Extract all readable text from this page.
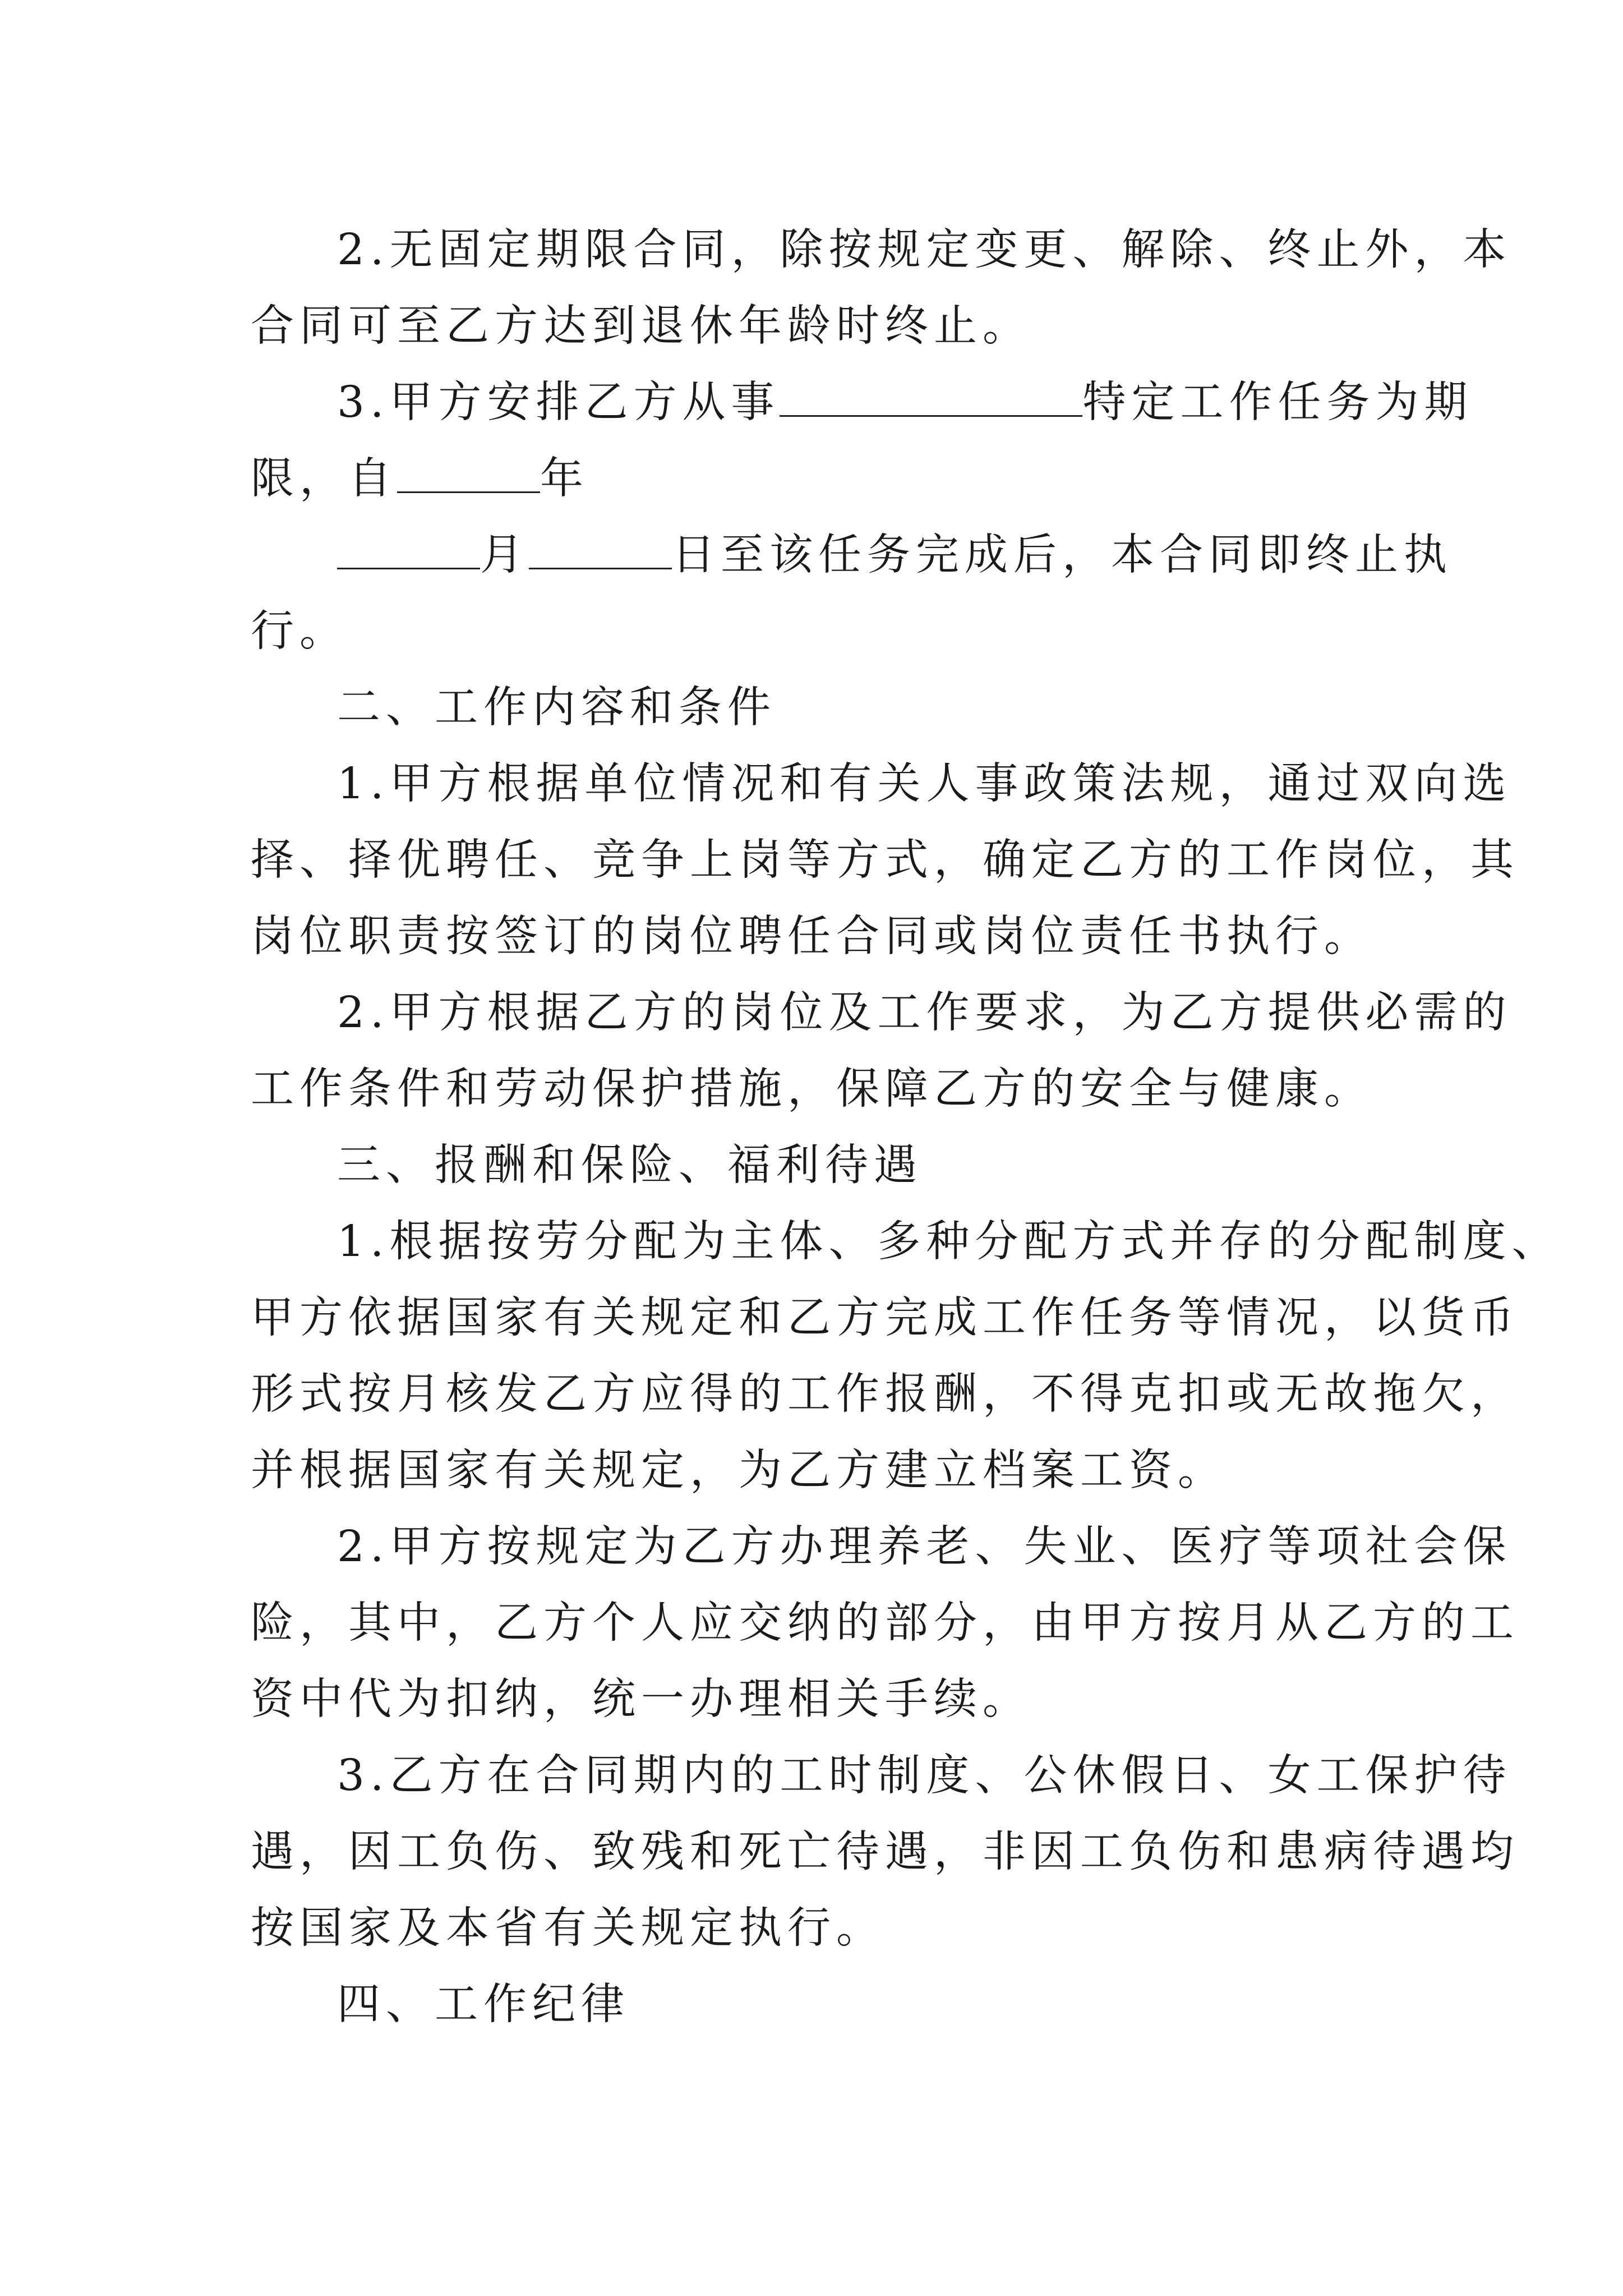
2.无固定期限合同，除按规定变更、解除、终止外，本
合同可至乙方达到退休年龄时终止。
3.甲方安排乙方从事	特定工作任务为期
限，自	年
月	日至该任务完成后，本合同即终止执
行。
二、工作内容和条件
1.甲方根据单位情况和有关人事政策法规，通过双向选
择、择优聘任、竞争上岗等方式，确定乙方的工作岗位，其
岗位职责按签订的岗位聘任合同或岗位责任书执行。
2.甲方根据乙方的岗位及工作要求，为乙方提供必需的
工作条件和劳动保护措施，保障乙方的安全与健康。
三、报酬和保险、福利待遇
1.根据按劳分配为主体、多种分配方式并存的分配制度、
甲方依据国家有关规定和乙方完成工作任务等情况，以货币
形式按月核发乙方应得的工作报酬，不得克扣或无故拖欠，
并根据国家有关规定，为乙方建立档案工资。
2.甲方按规定为乙方办理养老、失业、医疗等项社会保
险，其中，乙方个人应交纳的部分，由甲方按月从乙方的工
资中代为扣纳，统一办理相关手续。
3.乙方在合同期内的工时制度、公休假日、女工保护待
遇，因工负伤、致残和死亡待遇，非因工负伤和患病待遇均
按国家及本省有关规定执行。
四、工作纪律
